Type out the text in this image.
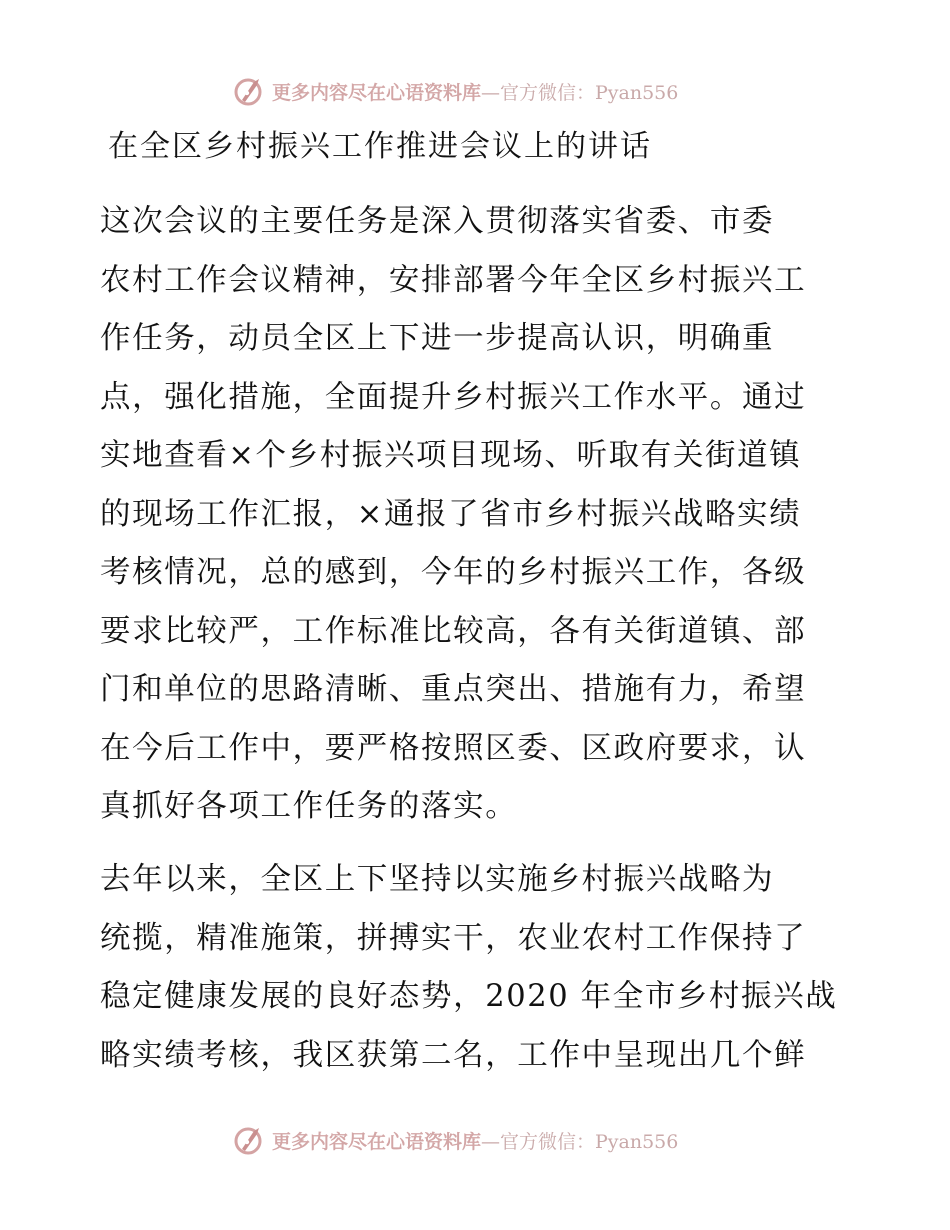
更多内容尽在心语资料库—官方微信：Pyan556
在全区乡村振兴工作推进会议上的讲话
这次会议的主要任务是深入贯彻落实省委、市委
农村工作会议精神，安排部署今年全区乡村振兴工
作任务，动员全区上下进一步提高认识，明确重
点，强化措施，全面提升乡村振兴工作水平。通过
实地查看×个乡村振兴项目现场、听取有关街道镇
的现场工作汇报，×通报了省市乡村振兴战略实绩
考核情况，总的感到，今年的乡村振兴工作，各级
要求比较严，工作标准比较高，各有关街道镇、部
门和单位的思路清晰、重点突出、措施有力，希望
在今后工作中，要严格按照区委、区政府要求，认
真抓好各项工作任务的落实。
去年以来，全区上下坚持以实施乡村振兴战略为
统揽，精准施策，拼搏实干，农业农村工作保持了
稳定健康发展的良好态势，2020 年全市乡村振兴战
略实绩考核，我区获第二名，工作中呈现出几个鲜
更多内容尽在心语资料库—官方微信：Pyan556
